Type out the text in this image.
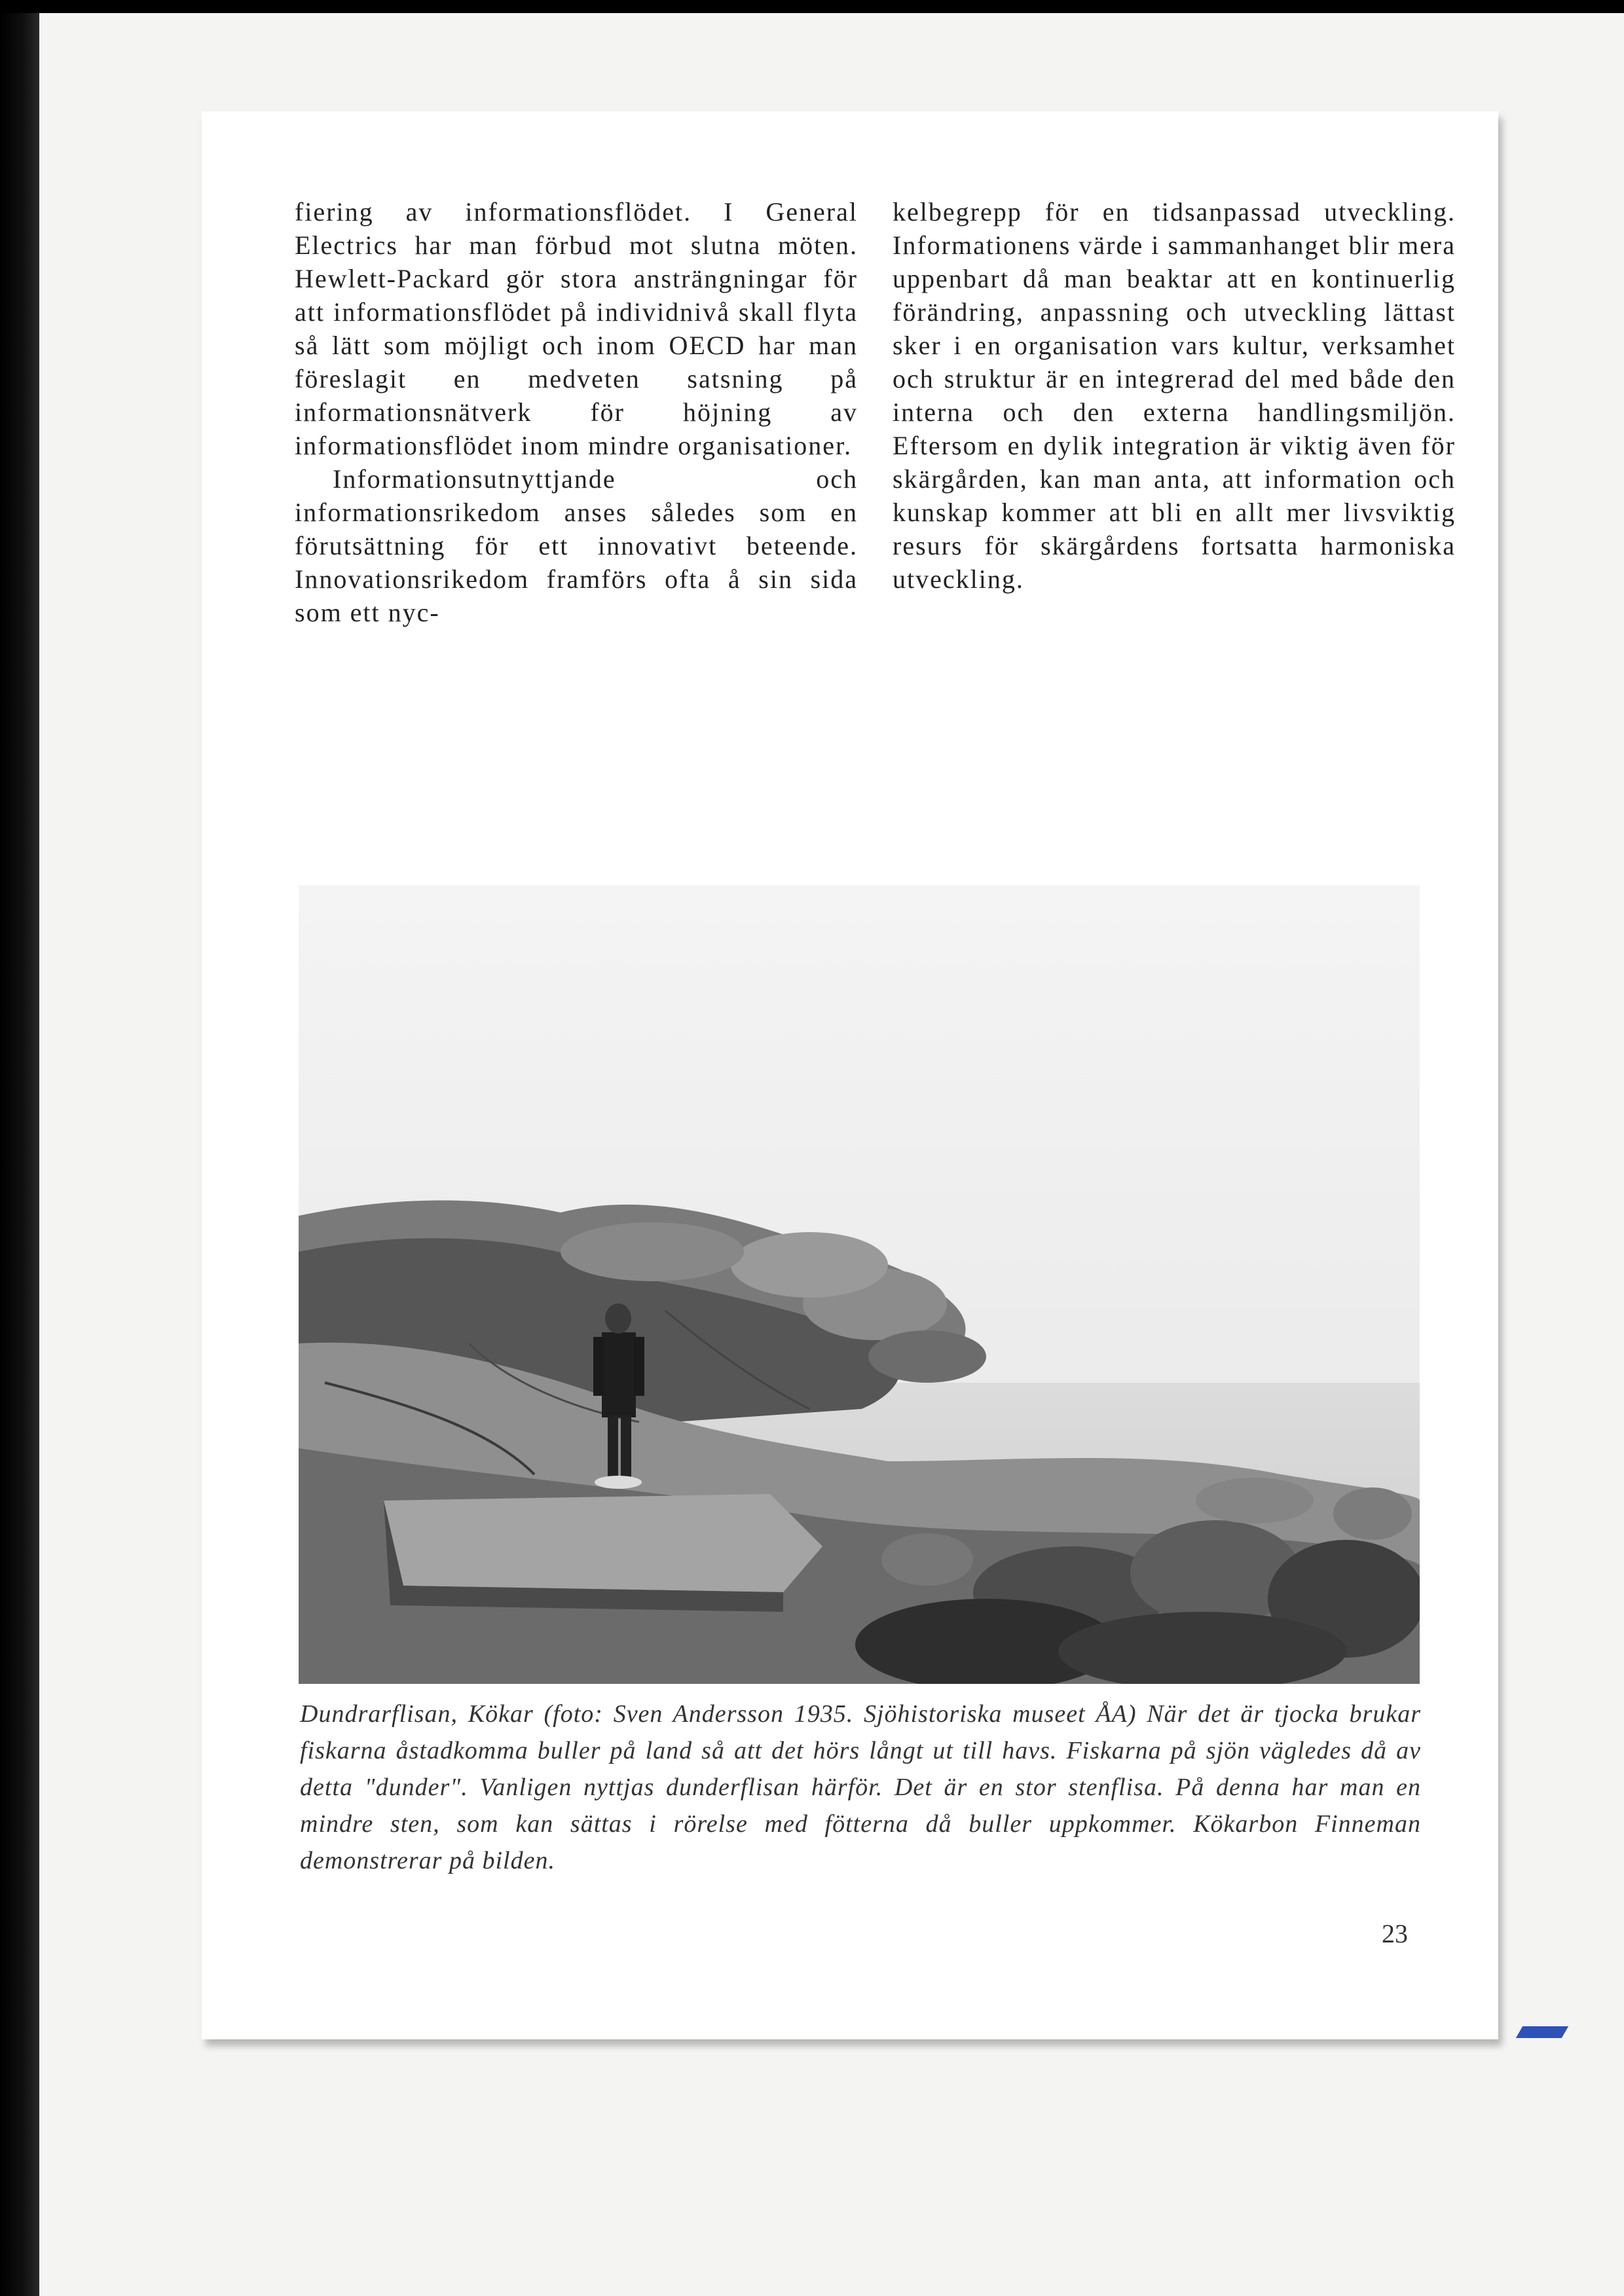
fiering av informationsflödet. I General Electrics har man förbud mot slutna möten. Hewlett-Packard gör stora ansträngningar för att informationsflödet på individnivå skall flyta så lätt som möjligt och inom OECD har man föreslagit en medveten satsning på informationsnätverk för höjning av informationsflödet inom mindre organisationer.

Informationsutnyttjande och informationsrikedom anses således som en förutsättning för ett innovativt beteende. Innovationsrikedom framförs ofta å sin sida som ett nyc-

kelbegrepp för en tidsanpassad utveckling. Informationens värde i sammanhanget blir mera uppenbart då man beaktar att en kontinuerlig förändring, anpassning och utveckling lättast sker i en organisation vars kultur, verksamhet och struktur är en integrerad del med både den interna och den externa handlingsmiljön. Eftersom en dylik integration är viktig även för skärgården, kan man anta, att information och kunskap kommer att bli en allt mer livsviktig resurs för skärgårdens fortsatta harmoniska utveckling.

Dundrarflisan, Kökar (foto: Sven Andersson 1935. Sjöhistoriska museet ÅA) När det är tjocka brukar fiskarna åstadkomma buller på land så att det hörs långt ut till havs. Fiskarna på sjön vägledes då av detta "dunder". Vanligen nyttjas dunderflisan härför. Det är en stor stenflisa. På denna har man en mindre sten, som kan sättas i rörelse med fötterna då buller uppkommer. Kökarbon Finneman demonstrerar på bilden.
23
